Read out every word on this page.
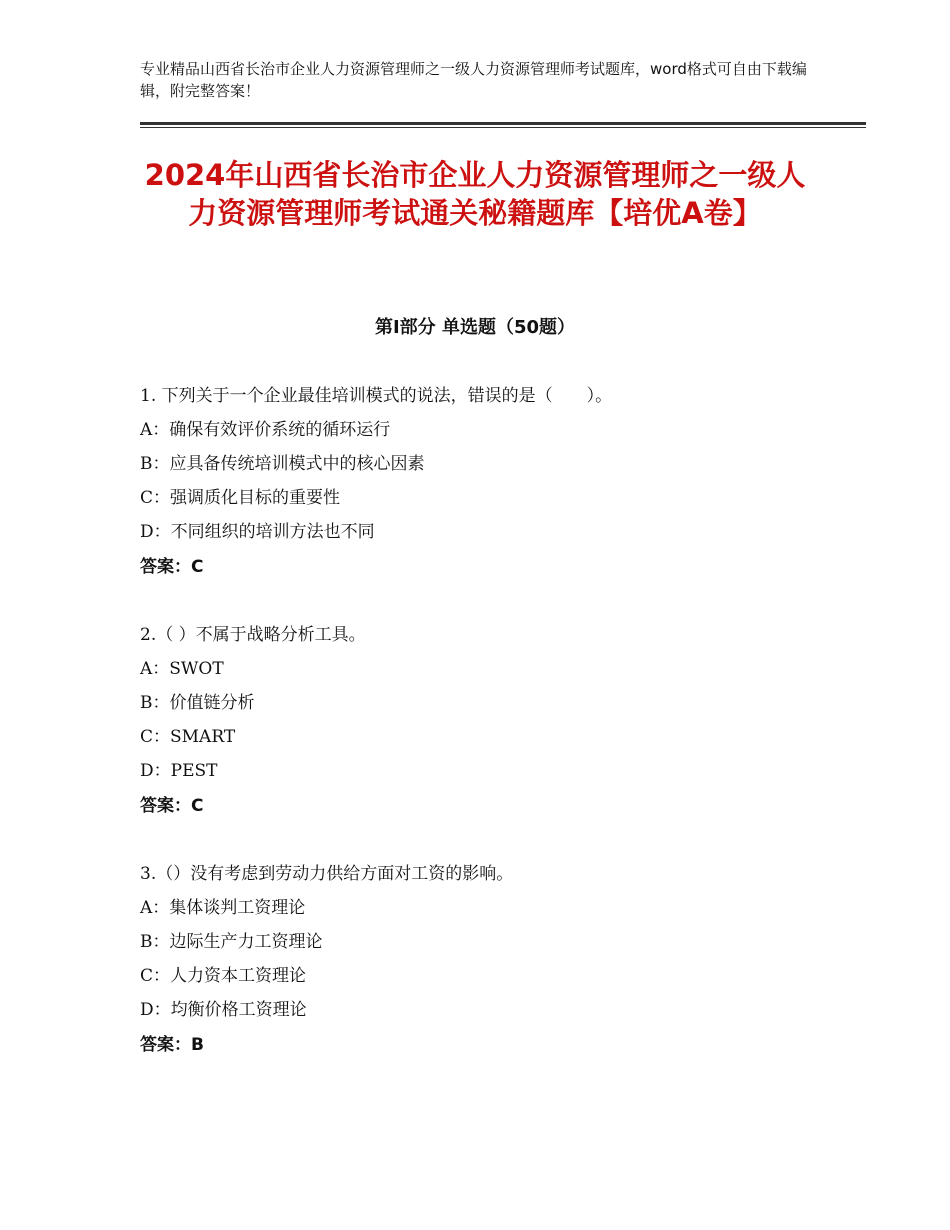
专业精品山西省长治市企业人力资源管理师之一级人力资源管理师考试题库，word格式可自由下载编辑，附完整答案！
2024年山西省长治市企业人力资源管理师之一级人力资源管理师考试通关秘籍题库【培优A卷】
第Ⅰ部分 单选题（50题）
1. 下列关于一个企业最佳培训模式的说法，错误的是（　　）。
A：确保有效评价系统的循环运行
B：应具备传统培训模式中的核心因素
C：强调质化目标的重要性
D：不同组织的培训方法也不同
答案：C
2.（ ）不属于战略分析工具。
A：SWOT
B：价值链分析
C：SMART
D：PEST
答案：C
3.（）没有考虑到劳动力供给方面对工资的影响。
A：集体谈判工资理论
B：边际生产力工资理论
C：人力资本工资理论
D：均衡价格工资理论
答案：B
